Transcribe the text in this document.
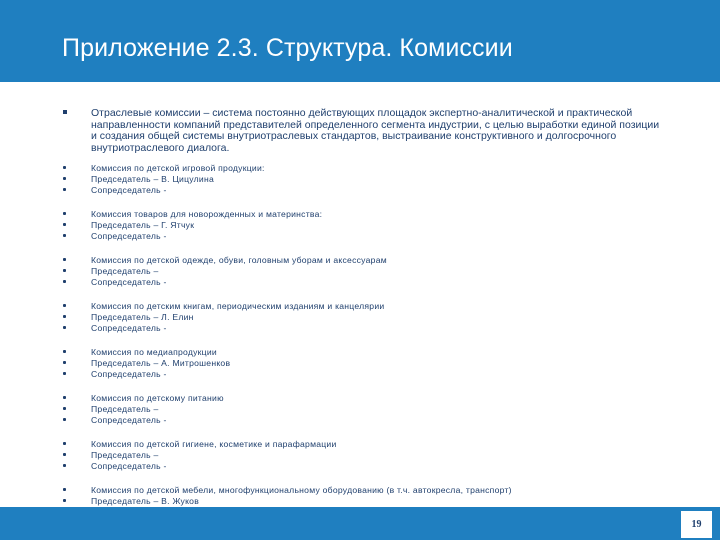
Приложение 2.3. Структура. Комиссии
Отраслевые комиссии – система постоянно действующих площадок экспертно-аналитической и практической направленности компаний представителей определенного сегмента индустрии, с целью выработки единой позиции и создания общей системы внутриотраслевых стандартов, выстраивание конструктивного и долгосрочного внутриотраслевого диалога.
Комиссия по детской игровой продукции:
Председатель – В. Цицулина
Сопредседатель -
Комиссия товаров для новорожденных и материнства:
Председатель – Г. Ятчук
Сопредседатель -
Комиссия по детской одежде, обуви, головным уборам и аксессуарам
Председатель –
Сопредседатель -
Комиссия по детским книгам, периодическим изданиям и канцелярии
Председатель – Л. Елин
Сопредседатель -
Комиссия по медиапродукции
Председатель – А. Митрошенков
Сопредседатель -
Комиссия по детскому питанию
Председатель –
Сопредседатель -
Комиссия по детской гигиене, косметике и парафармации
Председатель –
Сопредседатель -
Комиссия по детской мебели, многофункциональному оборудованию (в т.ч. автокресла, транспорт)
Председатель – В. Жуков
19
